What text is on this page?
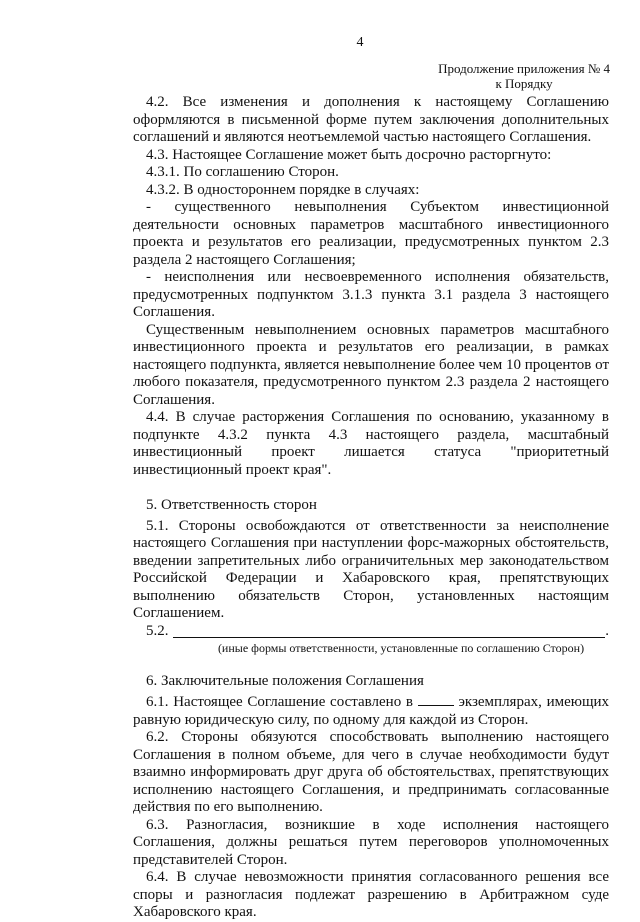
4
Продолжение приложения № 4
к Порядку

4.2. Все изменения и дополнения к настоящему Соглашению оформляются в письменной форме путем заключения дополнительных соглашений и являются неотъемлемой частью настоящего Соглашения.

4.3. Настоящее Соглашение может быть досрочно расторгнуто:

4.3.1. По соглашению Сторон.

4.3.2. В одностороннем порядке в случаях:

- существенного невыполнения Субъектом инвестиционной деятельности основных параметров масштабного инвестиционного проекта и результатов его реализации, предусмотренных пунктом 2.3 раздела 2 настоящего Соглашения;

- неисполнения или несвоевременного исполнения обязательств, предусмотренных подпунктом 3.1.3 пункта 3.1 раздела 3 настоящего Соглашения.

Существенным невыполнением основных параметров масштабного инвестиционного проекта и результатов его реализации, в рамках настоящего подпункта, является невыполнение более чем 10 процентов от любого показателя, предусмотренного пунктом 2.3 раздела 2 настоящего Соглашения.

4.4. В случае расторжения Соглашения по основанию, указанному в подпункте 4.3.2 пункта 4.3 настоящего раздела, масштабный инвестиционный проект лишается статуса "приоритетный инвестиционный проект края".

5. Ответственность сторон

5.1. Стороны освобождаются от ответственности за неисполнение настоящего Соглашения при наступлении форс-мажорных обстоятельств, введении запретительных либо ограничительных мер законодательством Российской Федерации и Хабаровского края, препятствующих выполнению обязательств Сторон, установленных настоящим Соглашением.

5.2.	.
(иные формы ответственности, установленные по соглашению Сторон)

6. Заключительные положения Соглашения

6.1. Настоящее Соглашение составлено в	экземплярах, имеющих равную юридическую силу, по одному для каждой из Сторон.

6.2. Стороны обязуются способствовать выполнению настоящего Соглашения в полном объеме, для чего в случае необходимости будут взаимно информировать друг друга об обстоятельствах, препятствующих исполнению настоящего Соглашения, и предпринимать согласованные действия по его выполнению.

6.3. Разногласия, возникшие в ходе исполнения настоящего Соглашения, должны решаться путем переговоров уполномоченных представителей Сторон.

6.4. В случае невозможности принятия согласованного решения все споры и разногласия подлежат разрешению в Арбитражном суде Хабаровского края.
